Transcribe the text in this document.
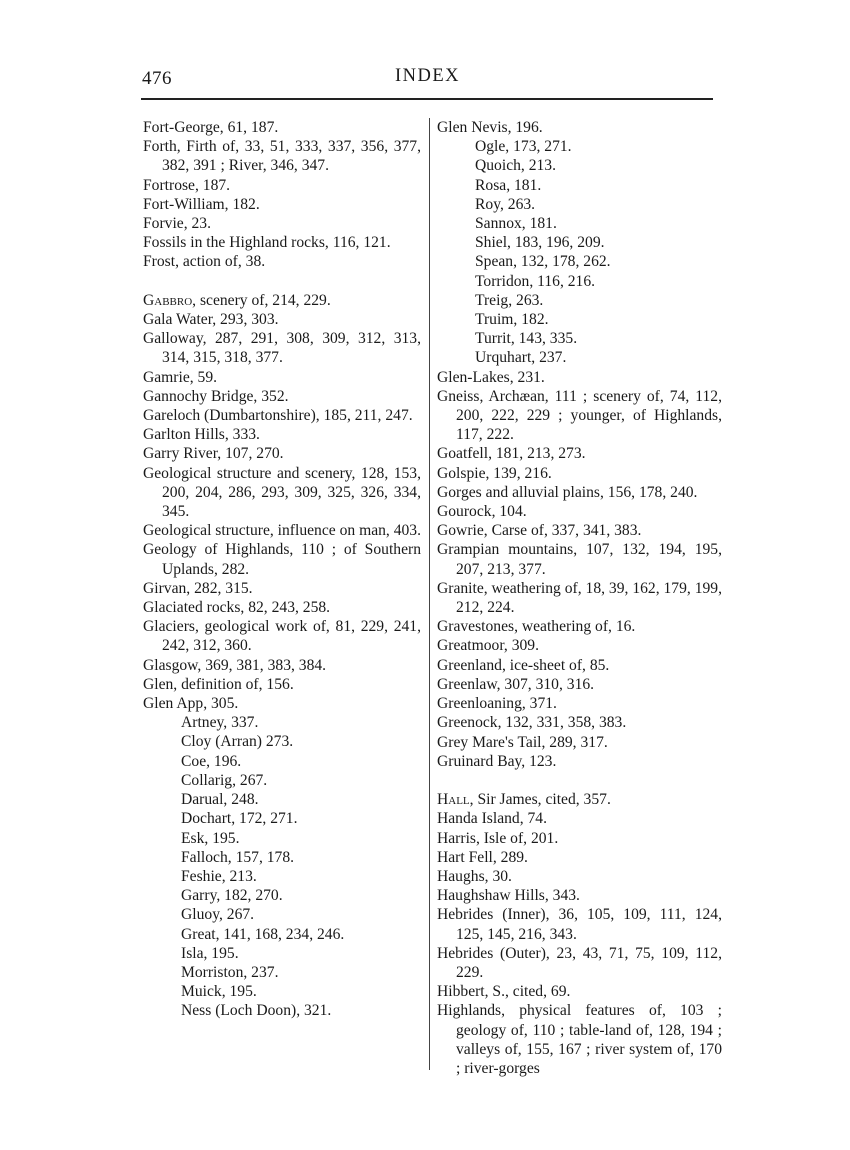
476	INDEX
Fort-George, 61, 187.
Forth, Firth of, 33, 51, 333, 337, 356, 377, 382, 391 ; River, 346, 347.
Fortrose, 187.
Fort-William, 182.
Forvie, 23.
Fossils in the Highland rocks, 116, 121.
Frost, action of, 38.
Gabbro, scenery of, 214, 229.
Gala Water, 293, 303.
Galloway, 287, 291, 308, 309, 312, 313, 314, 315, 318, 377.
Gamrie, 59.
Gannochy Bridge, 352.
Gareloch (Dumbartonshire), 185, 211, 247.
Garlton Hills, 333.
Garry River, 107, 270.
Geological structure and scenery, 128, 153, 200, 204, 286, 293, 309, 325, 326, 334, 345.
Geological structure, influence on man, 403.
Geology of Highlands, 110 ; of Southern Uplands, 282.
Girvan, 282, 315.
Glaciated rocks, 82, 243, 258.
Glaciers, geological work of, 81, 229, 241, 242, 312, 360.
Glasgow, 369, 381, 383, 384.
Glen, definition of, 156.
Glen App, 305.
Artney, 337.
Cloy (Arran) 273.
Coe, 196.
Collarig, 267.
Darual, 248.
Dochart, 172, 271.
Esk, 195.
Falloch, 157, 178.
Feshie, 213.
Garry, 182, 270.
Gluoy, 267.
Great, 141, 168, 234, 246.
Isla, 195.
Morriston, 237.
Muick, 195.
Ness (Loch Doon), 321.
Glen Nevis, 196.
Ogle, 173, 271.
Quoich, 213.
Rosa, 181.
Roy, 263.
Sannox, 181.
Shiel, 183, 196, 209.
Spean, 132, 178, 262.
Torridon, 116, 216.
Treig, 263.
Truim, 182.
Turrit, 143, 335.
Urquhart, 237.
Glen-Lakes, 231.
Gneiss, Archæan, 111 ; scenery of, 74, 112, 200, 222, 229 ; younger, of Highlands, 117, 222.
Goatfell, 181, 213, 273.
Golspie, 139, 216.
Gorges and alluvial plains, 156, 178, 240.
Gourock, 104.
Gowrie, Carse of, 337, 341, 383.
Grampian mountains, 107, 132, 194, 195, 207, 213, 377.
Granite, weathering of, 18, 39, 162, 179, 199, 212, 224.
Gravestones, weathering of, 16.
Greatmoor, 309.
Greenland, ice-sheet of, 85.
Greenlaw, 307, 310, 316.
Greenloaning, 371.
Greenock, 132, 331, 358, 383.
Grey Mare's Tail, 289, 317.
Gruinard Bay, 123.
Hall, Sir James, cited, 357.
Handa Island, 74.
Harris, Isle of, 201.
Hart Fell, 289.
Haughs, 30.
Haughshaw Hills, 343.
Hebrides (Inner), 36, 105, 109, 111, 124, 125, 145, 216, 343.
Hebrides (Outer), 23, 43, 71, 75, 109, 112, 229.
Hibbert, S., cited, 69.
Highlands, physical features of, 103 ; geology of, 110 ; table-land of, 128, 194 ; valleys of, 155, 167 ; river system of, 170 ; river-gorges
